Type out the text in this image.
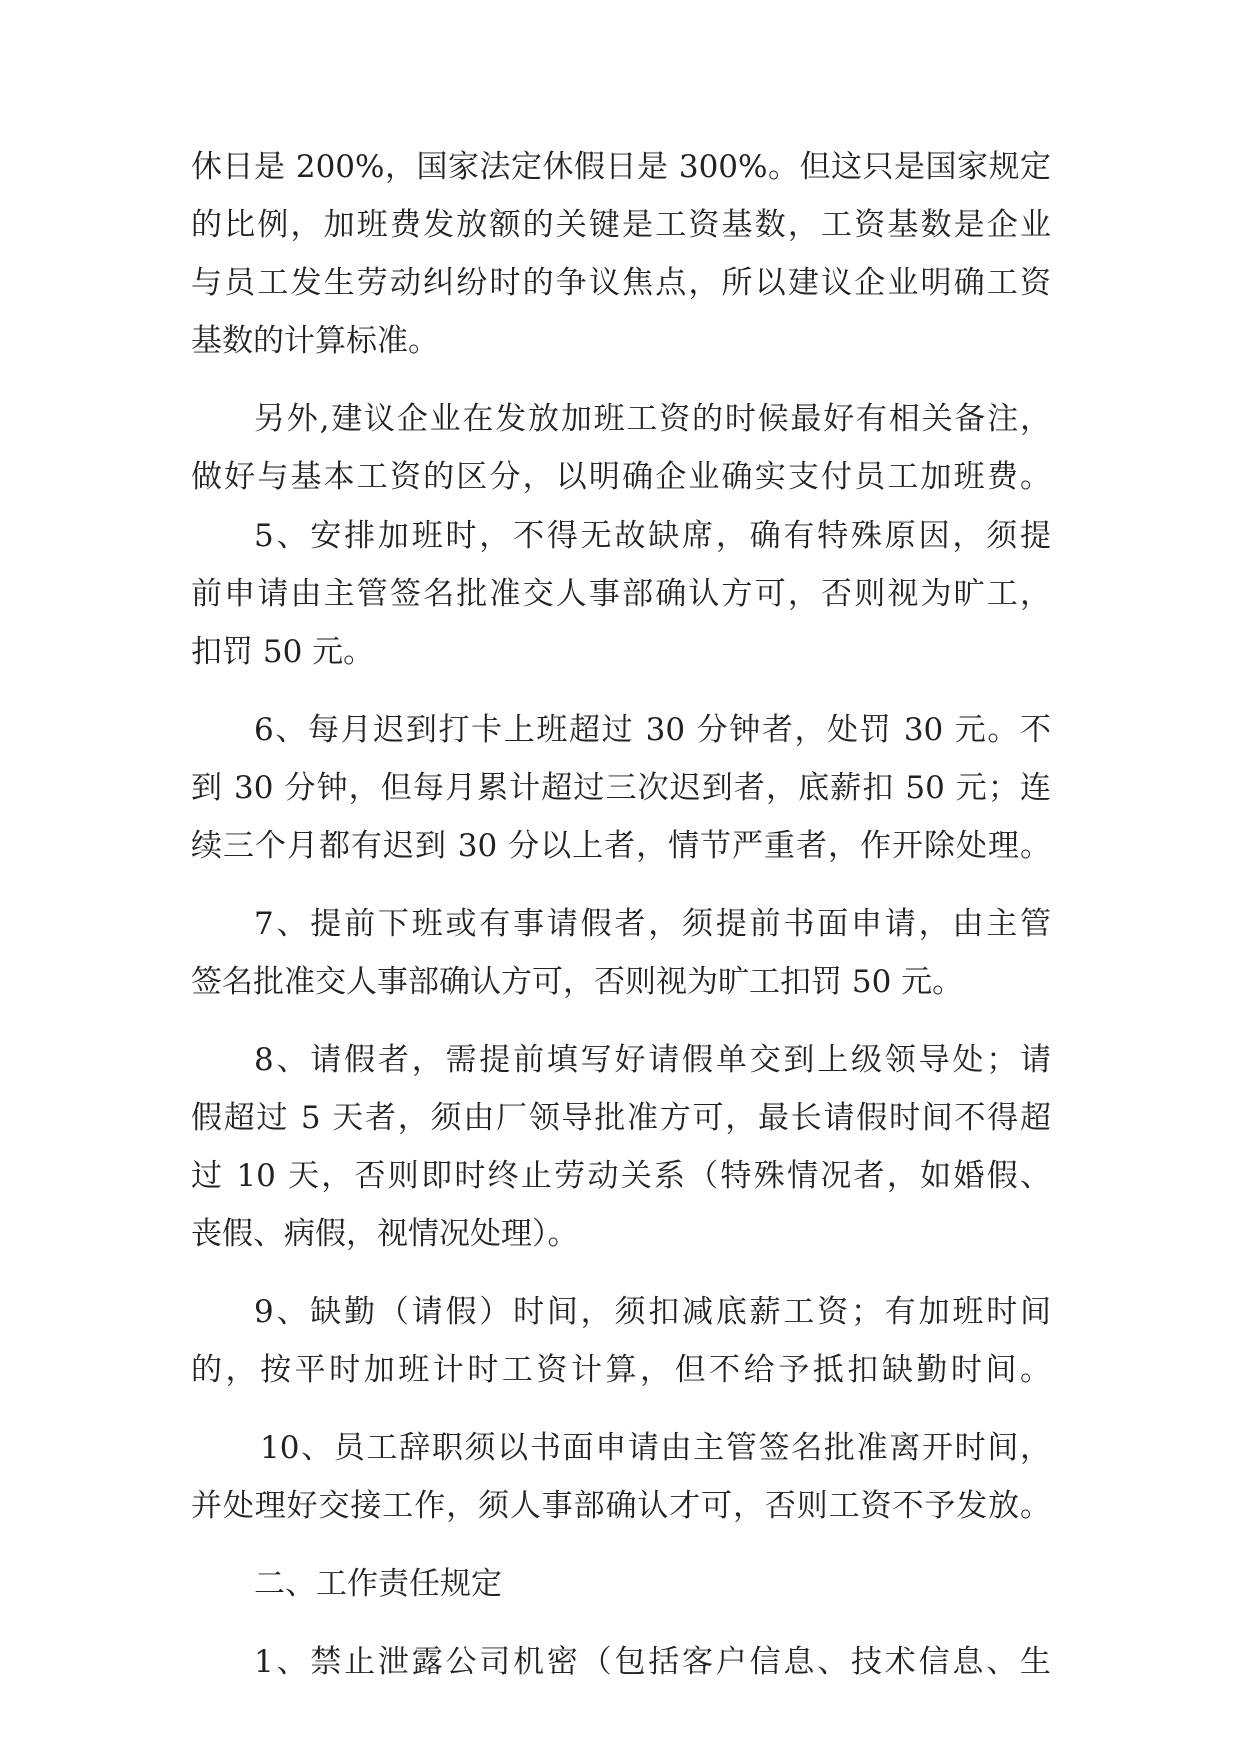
休日是 200%，国家法定休假日是 300%。但这只是国家规定
的比例，加班费发放额的关键是工资基数，工资基数是企业
与员工发生劳动纠纷时的争议焦点，所以建议企业明确工资
基数的计算标准。
另外,建议企业在发放加班工资的时候最好有相关备注，
做好与基本工资的区分，以明确企业确实支付员工加班费。
5、安排加班时，不得无故缺席，确有特殊原因，须提
前申请由主管签名批准交人事部确认方可，否则视为旷工，
扣罚 50 元。
6、每月迟到打卡上班超过 30 分钟者，处罚 30 元。不
到 30 分钟，但每月累计超过三次迟到者，底薪扣 50 元；连
续三个月都有迟到 30 分以上者，情节严重者，作开除处理。
7、提前下班或有事请假者，须提前书面申请，由主管
签名批准交人事部确认方可，否则视为旷工扣罚 50 元。
8、请假者，需提前填写好请假单交到上级领导处；请
假超过 5 天者，须由厂领导批准方可，最长请假时间不得超
过 10 天，否则即时终止劳动关系（特殊情况者，如婚假、
丧假、病假，视情况处理）。
9、缺勤（请假）时间，须扣减底薪工资；有加班时间
的，按平时加班计时工资计算，但不给予抵扣缺勤时间。
10、员工辞职须以书面申请由主管签名批准离开时间，
并处理好交接工作，须人事部确认才可，否则工资不予发放。
二、工作责任规定
1、禁止泄露公司机密（包括客户信息、技术信息、生
